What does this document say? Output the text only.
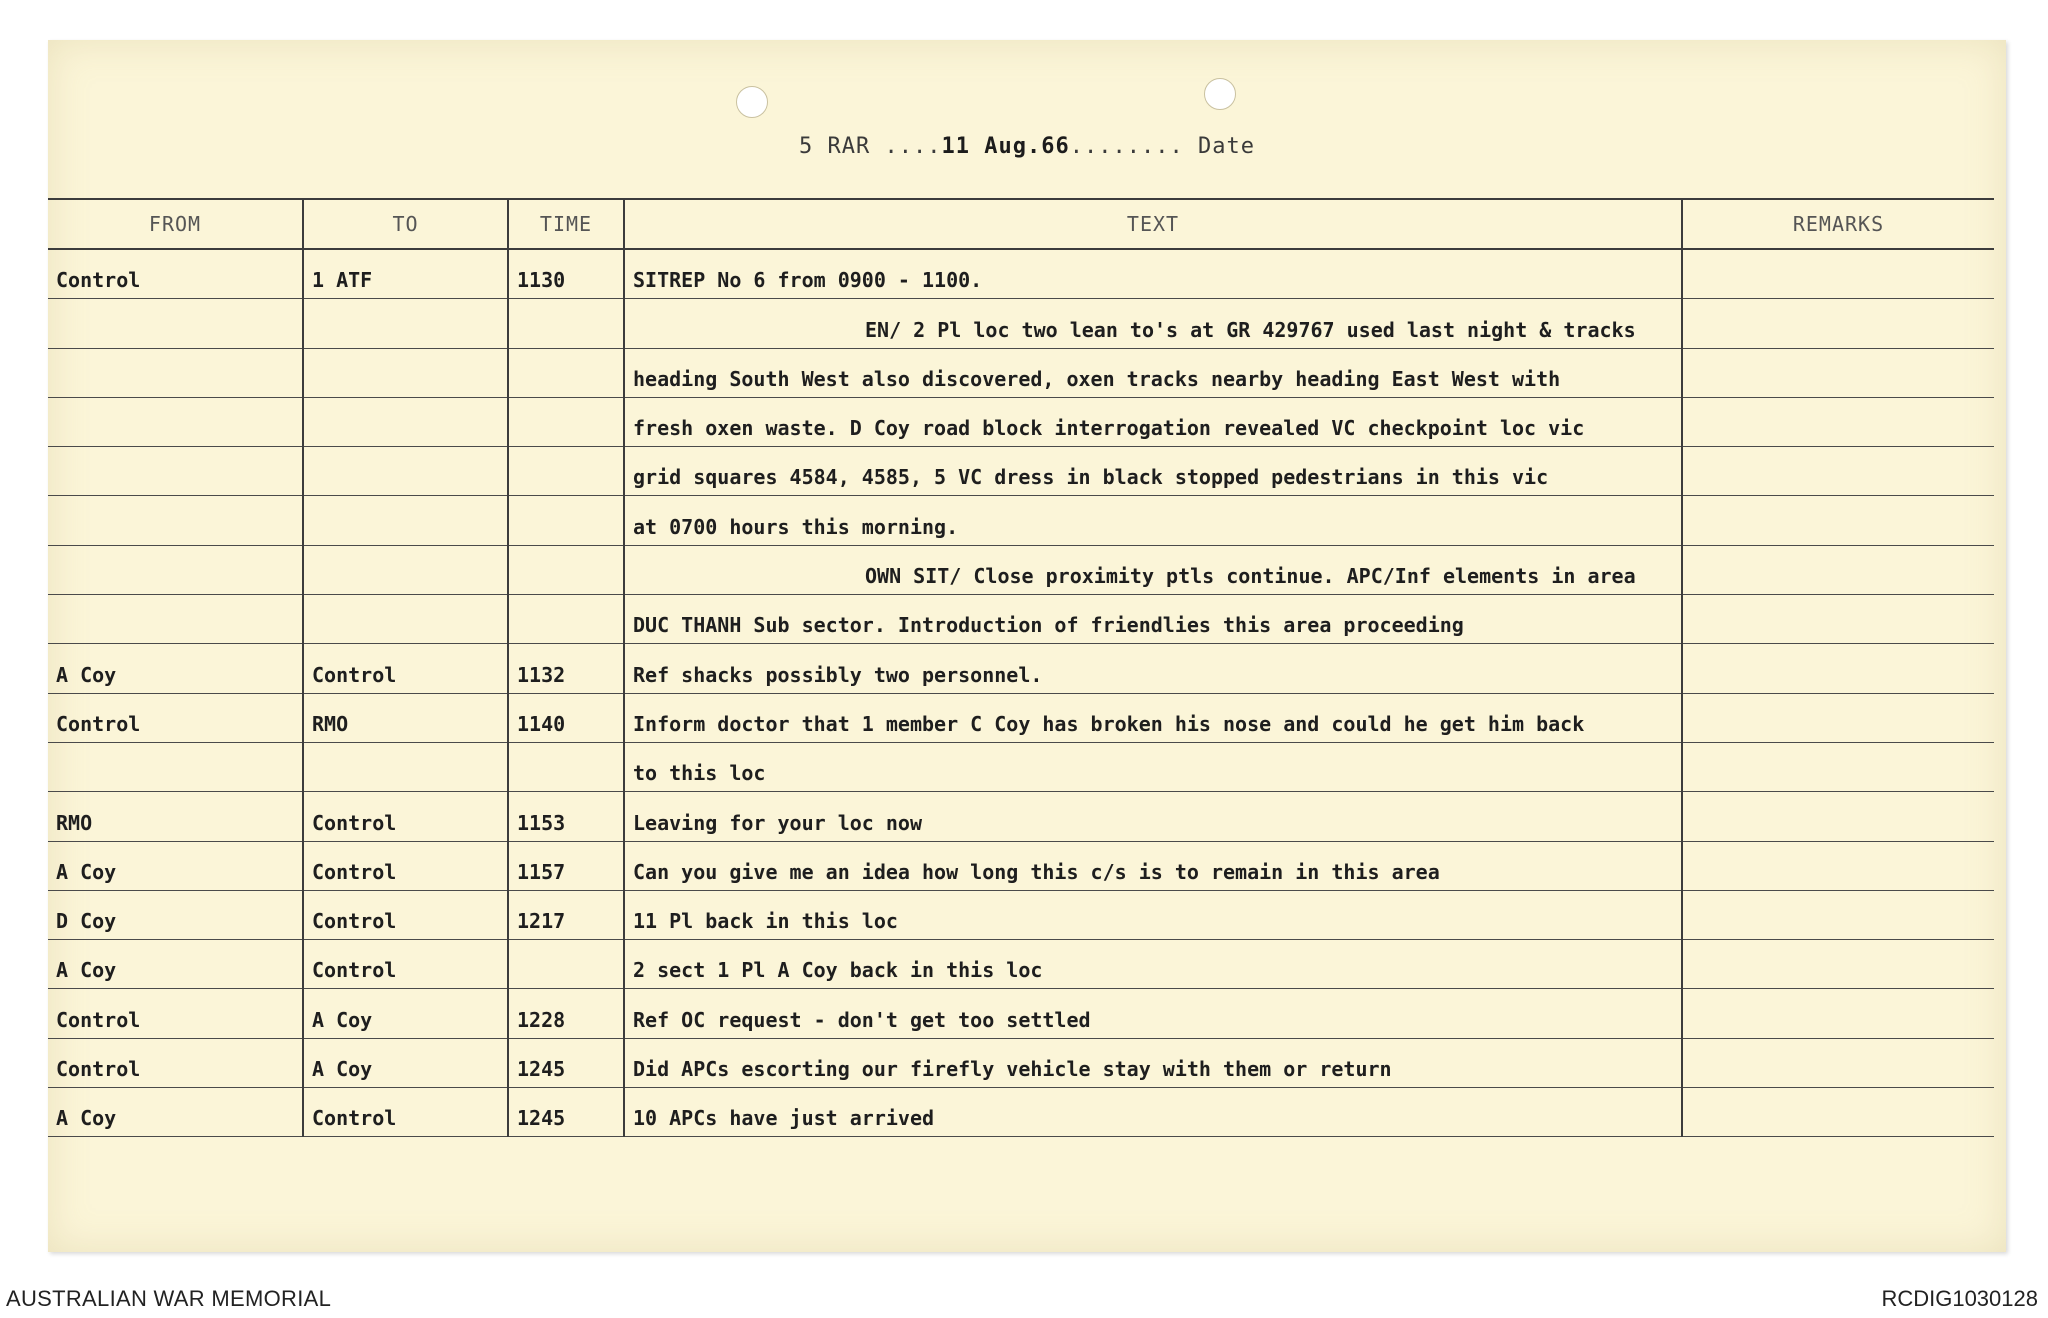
5 RAR ....11 Aug.66........ Date
FROM	TO	TIME	TEXT	REMARKS
Control	1 ATF	1130	SITREP No 6 from 0900 - 1100.	
			EN/ 2 Pl loc two lean to's at GR 429767 used last night & tracks	
			heading South West also discovered, oxen tracks nearby heading East West with	
			fresh oxen waste. D Coy road block interrogation revealed VC checkpoint loc vic	
			grid squares 4584, 4585, 5 VC dress in black stopped pedestrians in this vic	
			at 0700 hours this morning.	
			OWN SIT/ Close proximity ptls continue. APC/Inf elements in area	
			DUC THANH Sub sector. Introduction of friendlies this area proceeding	
A Coy	Control	1132	Ref shacks possibly two personnel.	
Control	RMO	1140	Inform doctor that 1 member C Coy has broken his nose and could he get him back	
			to this loc	
RMO	Control	1153	Leaving for your loc now	
A Coy	Control	1157	Can you give me an idea how long this c/s is to remain in this area	
D Coy	Control	1217	11 Pl back in this loc	
A Coy	Control		2 sect 1 Pl A Coy back in this loc	
Control	A Coy	1228	Ref OC request - don't get too settled	
Control	A Coy	1245	Did APCs escorting our firefly vehicle stay with them or return	
A Coy	Control	1245	10 APCs have just arrived	
AUSTRALIAN WAR MEMORIAL	RCDIG1030128
